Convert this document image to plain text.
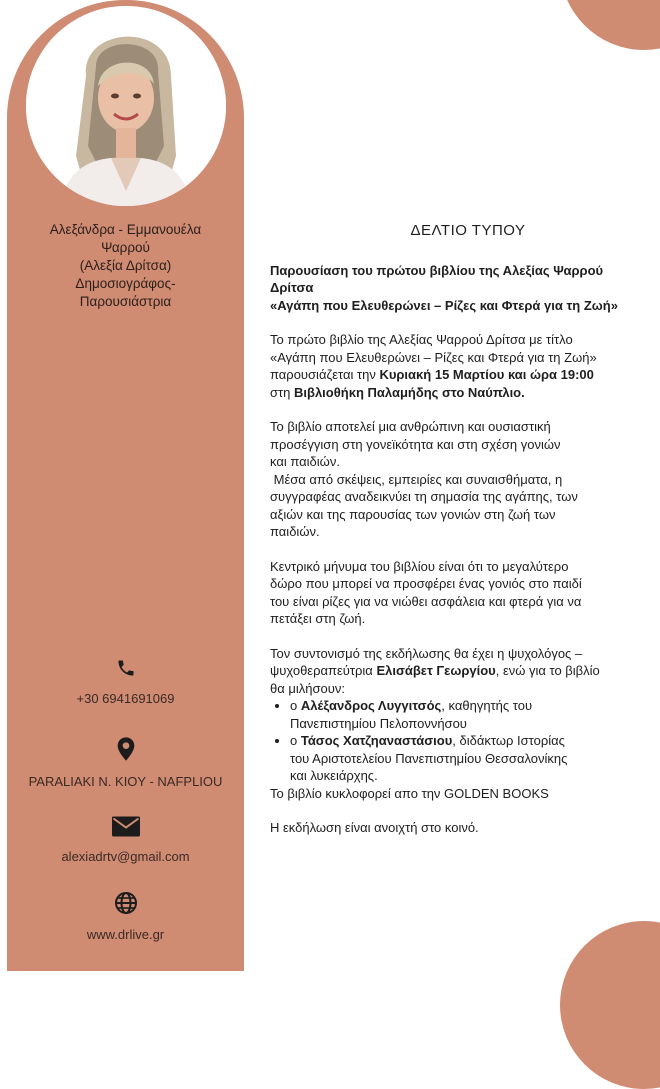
Αλεξάνδρα - Εμμανουέλα
Ψαρρού
(Αλεξία Δρίτσα)
Δημοσιογράφος-
Παρουσιάστρια
+30 6941691069
PARALIAKI N. KIOY - NAFPLIOU
alexiadrtv@gmail.com
www.drlive.gr
ΔΕΛΤΙΟ ΤΥΠΟΥ

Παρουσίαση του πρώτου βιβλίου της Αλεξίας Ψαρρού
Δρίτσα
«Αγάπη που Ελευθερώνει – Ρίζες και Φτερά για τη Ζωή»

Το πρώτο βιβλίο της Αλεξίας Ψαρρού Δρίτσα με τίτλο
«Αγάπη που Ελευθερώνει – Ρίζες και Φτερά για τη Ζωή»
παρουσιάζεται την Κυριακή 15 Μαρτίου και ώρα 19:00
στη Βιβλιοθήκη Παλαμήδης στο Ναύπλιο.

Το βιβλίο αποτελεί μια ανθρώπινη και ουσιαστική
προσέγγιση στη γονεϊκότητα και στη σχέση γονιών
και παιδιών.
Μέσα από σκέψεις, εμπειρίες και συναισθήματα, η
συγγραφέας αναδεικνύει τη σημασία της αγάπης, των
αξιών και της παρουσίας των γονιών στη ζωή των
παιδιών.

Κεντρικό μήνυμα του βιβλίου είναι ότι το μεγαλύτερο
δώρο που μπορεί να προσφέρει ένας γονιός στο παιδί
του είναι ρίζες για να νιώθει ασφάλεια και φτερά για να
πετάξει στη ζωή.

Τον συντονισμό της εκδήλωσης θα έχει η ψυχολόγος –
ψυχοθεραπεύτρια Ελισάβετ Γεωργίου, ενώ για το βιβλίο
θα μιλήσουν:

• ο Αλέξανδρος Λυγγιτσός, καθηγητής του
Πανεπιστημίου Πελοποννήσου
• ο Τάσος Χατζηαναστάσιου, διδάκτωρ Ιστορίας
του Αριστοτελείου Πανεπιστημίου Θεσσαλονίκης
και λυκειάρχης.

Το βιβλίο κυκλοφορεί απο την GOLDEN BOOKS

Η εκδήλωση είναι ανοιχτή στο κοινό.
